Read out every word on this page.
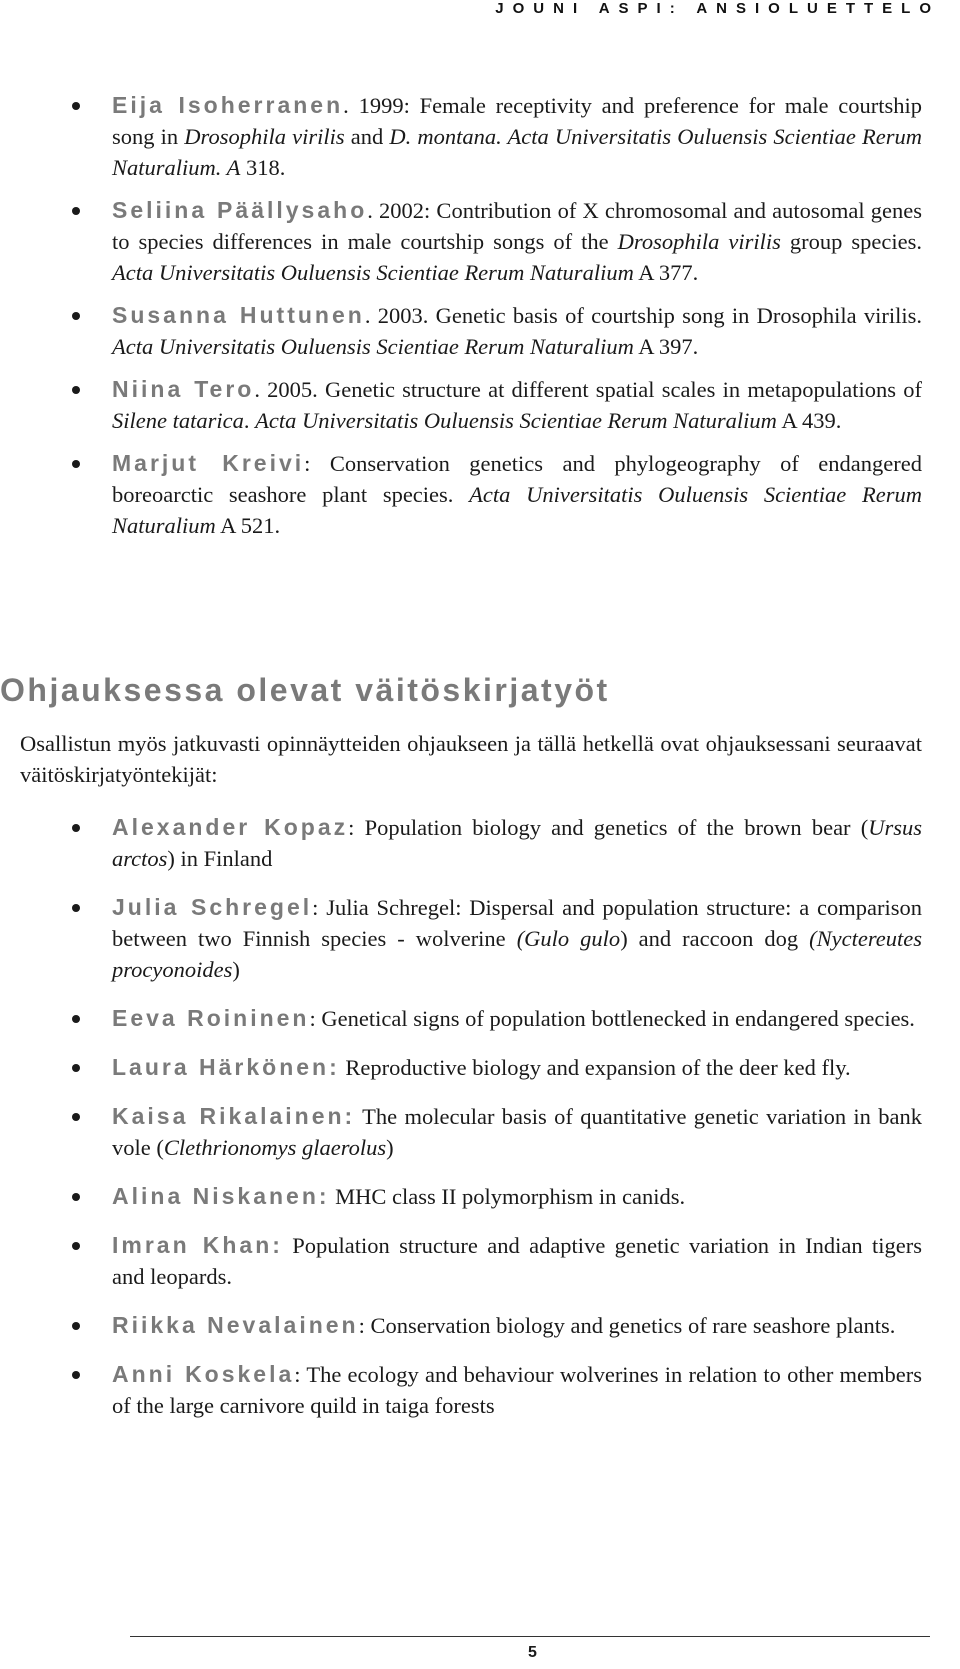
JOUNI ASPI: ANSIOLUETTELO
Eija Isoherranen. 1999: Female receptivity and preference for male courtship song in Drosophila virilis and D. montana. Acta Universitatis Ouluensis Scientiae Rerum Naturalium. A 318.
Seliina Päällysaho. 2002: Contribution of X chromosomal and autosomal genes to species differences in male courtship songs of the Drosophila virilis group species. Acta Universitatis Ouluensis Scientiae Rerum Naturalium A 377.
Susanna Huttunen. 2003. Genetic basis of courtship song in Drosophila virilis. Acta Universitatis Ouluensis Scientiae Rerum Naturalium A 397.
Niina Tero. 2005. Genetic structure at different spatial scales in metapopulations of Silene tatarica. Acta Universitatis Ouluensis Scientiae Rerum Naturalium A 439.
Marjut Kreivi: Conservation genetics and phylogeography of endangered boreoarctic seashore plant species. Acta Universitatis Ouluensis Scientiae Rerum Naturalium A 521.
Ohjauksessa olevat väitöskirjatyöt

Osallistun myös jatkuvasti opinnäytteiden ohjaukseen ja tällä hetkellä ovat ohjauksessani seuraavat väitöskirjatyöntekijät:

Alexander Kopaz: Population biology and genetics of the brown bear (Ursus arctos) in Finland
Julia Schregel: Julia Schregel: Dispersal and population structure: a comparison between two Finnish species - wolverine (Gulo gulo) and raccoon dog (Nyctereutes procyonoides)
Eeva Roininen: Genetical signs of population bottlenecked in endangered species.
Laura Härkönen: Reproductive biology and expansion of the deer ked fly.
Kaisa Rikalainen: The molecular basis of quantitative genetic variation in bank vole (Clethrionomys glaerolus)
Alina Niskanen: MHC class II polymorphism in canids.
Imran Khan: Population structure and adaptive genetic variation in Indian tigers and leopards.
Riikka Nevalainen: Conservation biology and genetics of rare seashore plants.
Anni Koskela: The ecology and behaviour wolverines in relation to other members of the large carnivore quild in taiga forests
5
